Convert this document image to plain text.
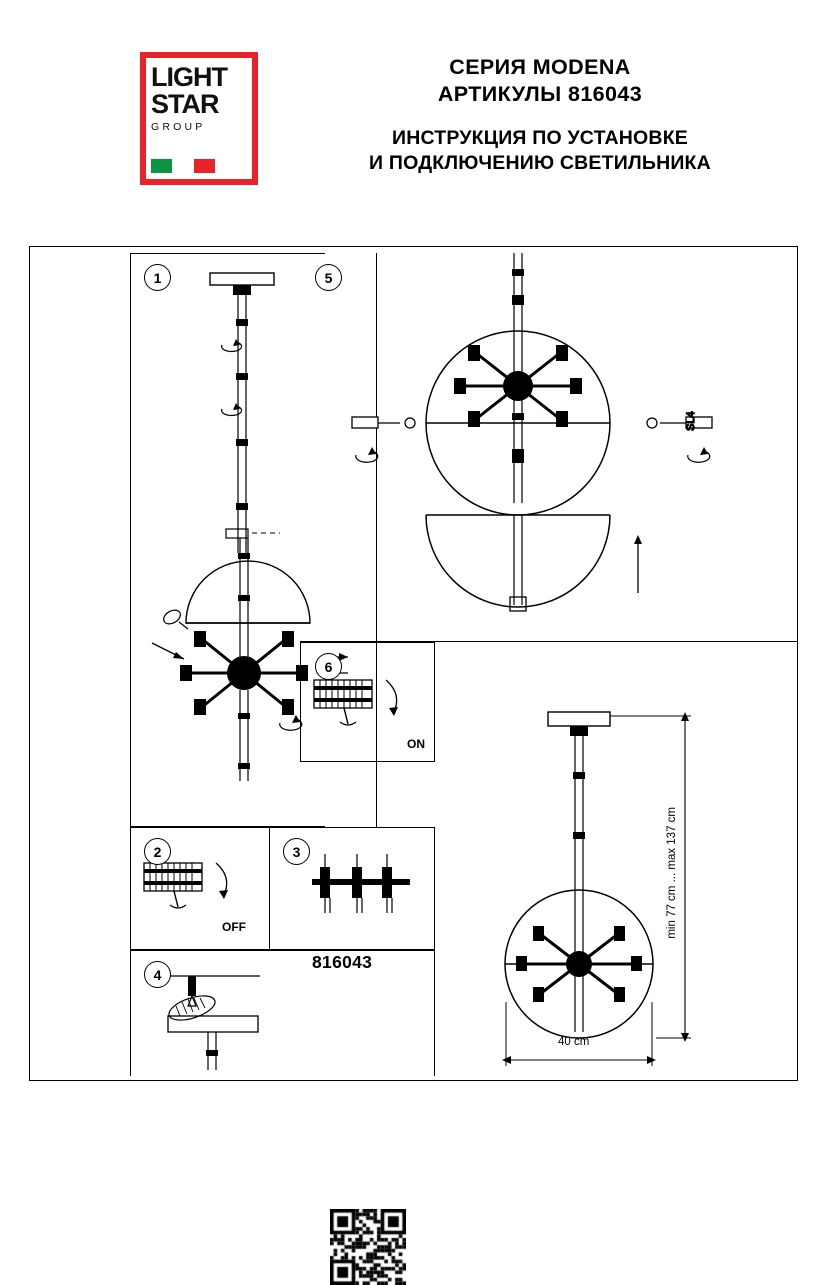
LIGHT
STAR
GROUP
СЕРИЯ MODENA
АРТИКУЛЫ 816043
ИНСТРУКЦИЯ ПО УСТАНОВКЕ
И ПОДКЛЮЧЕНИЮ СВЕТИЛЬНИКА
1	5
SL4
6
ON
2
OFF
3
4
816043
min 77 cm ... max 137 cm
40 cm
